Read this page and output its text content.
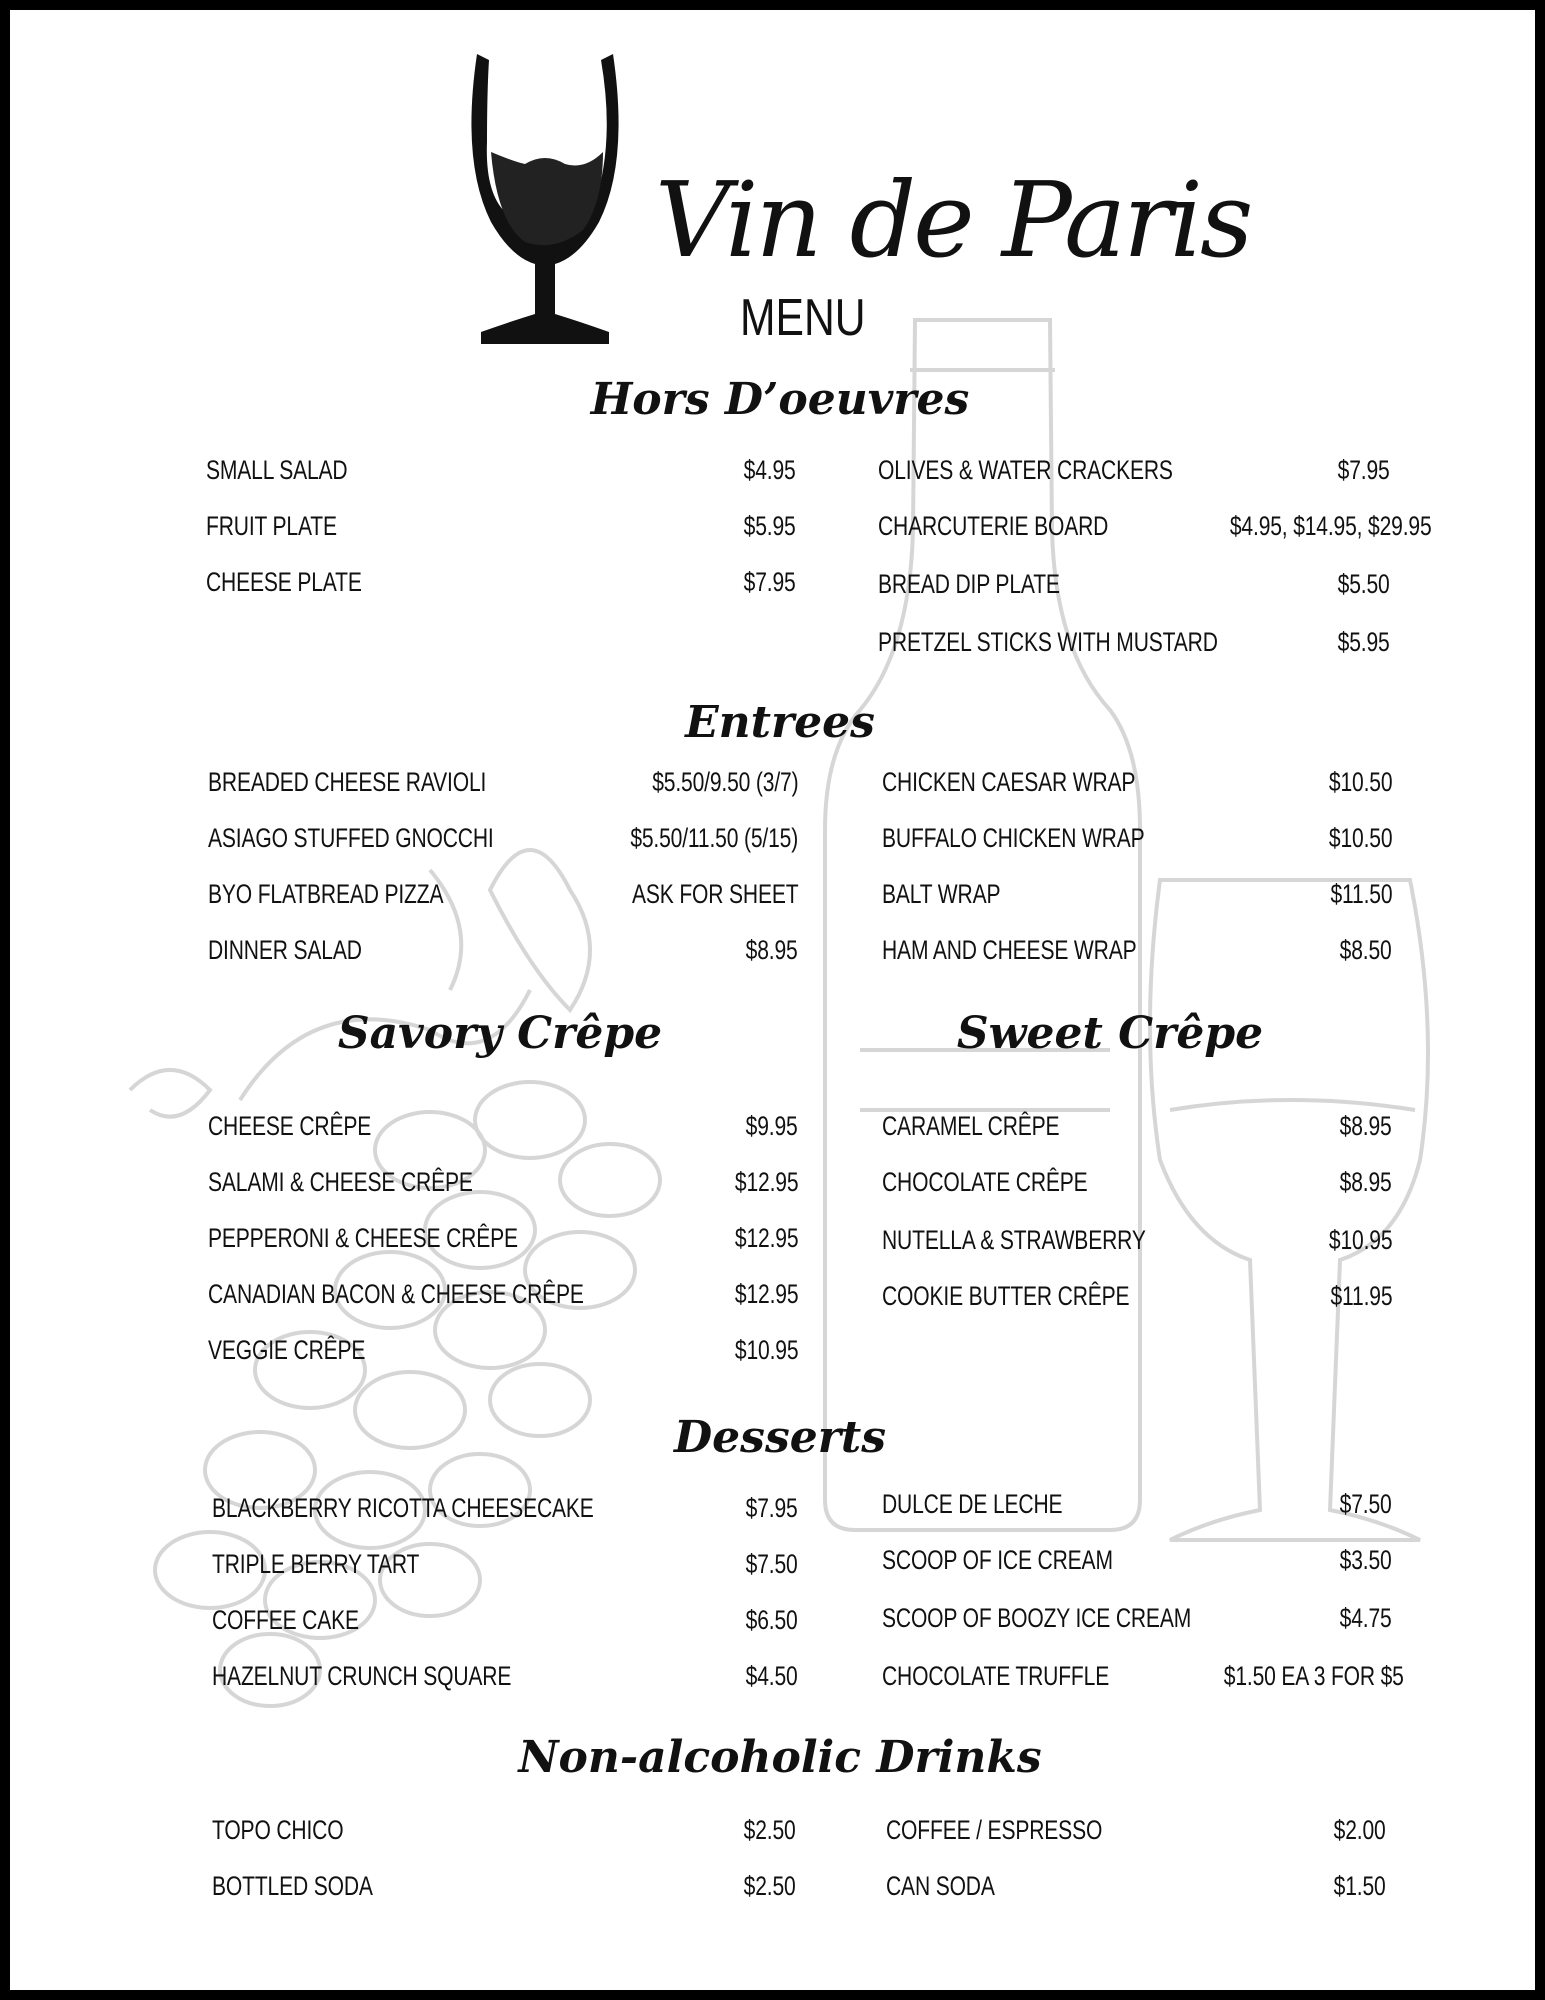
Vin de Paris
MENU
Hors D’oeuvres
SMALL SALAD	$4.95
FRUIT PLATE	$5.95
CHEESE PLATE	$7.95
OLIVES & WATER CRACKERS	$7.95
CHARCUTERIE BOARD	$4.95, $14.95, $29.95
BREAD DIP PLATE	$5.50
PRETZEL STICKS WITH MUSTARD	$5.95
Entrees
BREADED CHEESE RAVIOLI	$5.50/9.50 (3/7)
ASIAGO STUFFED GNOCCHI	$5.50/11.50 (5/15)
BYO FLATBREAD PIZZA	ASK FOR SHEET
DINNER SALAD	$8.95
CHICKEN CAESAR WRAP	$10.50
BUFFALO CHICKEN WRAP	$10.50
BALT WRAP	$11.50
HAM AND CHEESE WRAP	$8.50
Savory Crêpe	Sweet Crêpe
CHEESE CRÊPE	$9.95
SALAMI & CHEESE CRÊPE	$12.95
PEPPERONI & CHEESE CRÊPE	$12.95
CANADIAN BACON & CHEESE CRÊPE	$12.95
VEGGIE CRÊPE	$10.95
CARAMEL CRÊPE	$8.95
CHOCOLATE CRÊPE	$8.95
NUTELLA & STRAWBERRY	$10.95
COOKIE BUTTER CRÊPE	$11.95
Desserts
BLACKBERRY RICOTTA CHEESECAKE	$7.95
TRIPLE BERRY TART	$7.50
COFFEE CAKE	$6.50
HAZELNUT CRUNCH SQUARE	$4.50
DULCE DE LECHE	$7.50
SCOOP OF ICE CREAM	$3.50
SCOOP OF BOOZY ICE CREAM	$4.75
CHOCOLATE TRUFFLE	$1.50 EA 3 FOR $5
Non-alcoholic Drinks
TOPO CHICO	$2.50
BOTTLED SODA	$2.50
COFFEE / ESPRESSO	$2.00
CAN SODA	$1.50
